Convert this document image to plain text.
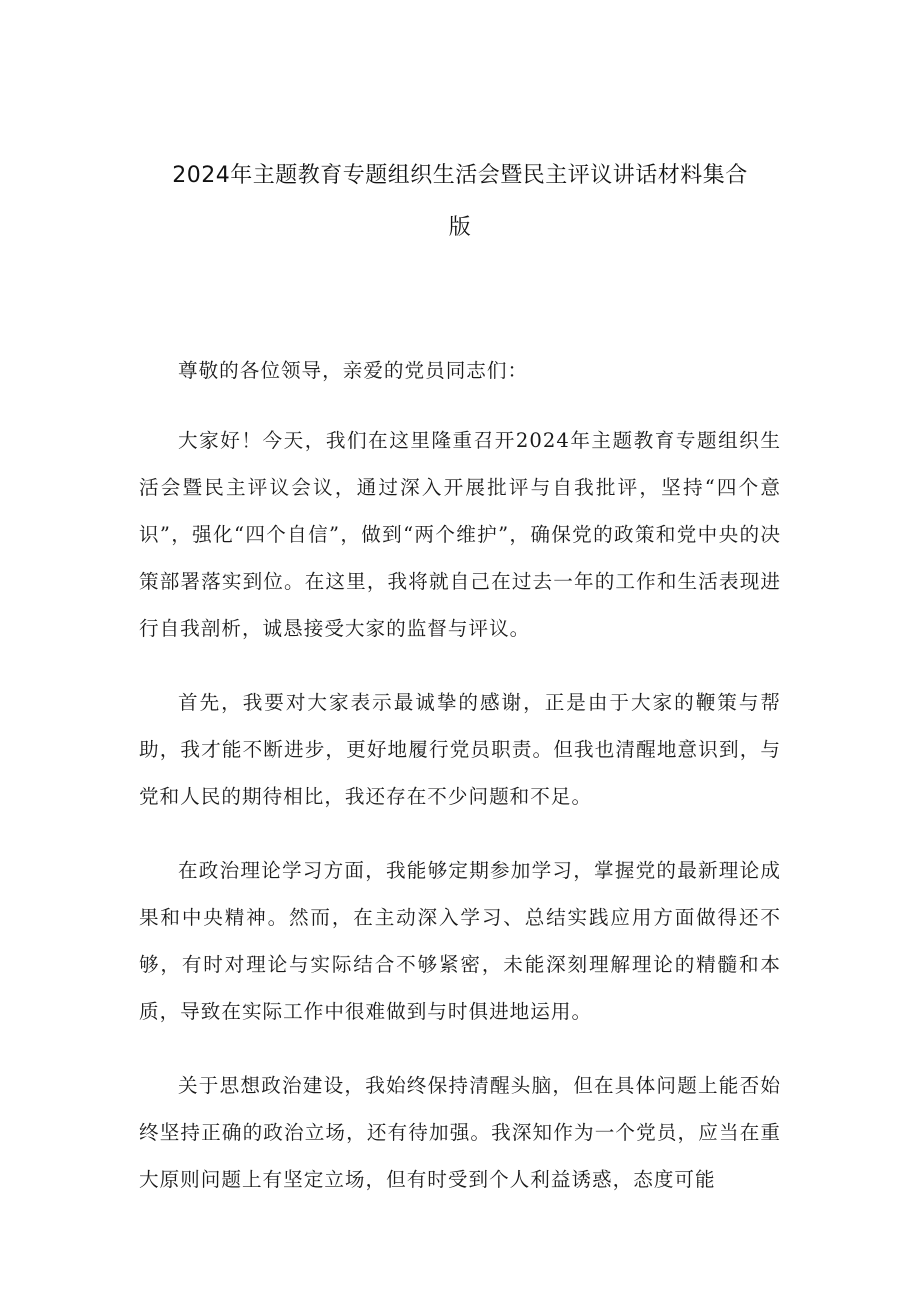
2024年主题教育专题组织生活会暨民主评议讲话材料集合
版

尊敬的各位领导，亲爱的党员同志们：

大家好！今天，我们在这里隆重召开2024年主题教育专题组织生活会暨民主评议会议，通过深入开展批评与自我批评，坚持“四个意识”，强化“四个自信”，做到“两个维护”，确保党的政策和党中央的决策部署落实到位。在这里，我将就自己在过去一年的工作和生活表现进行自我剖析，诚恳接受大家的监督与评议。

首先，我要对大家表示最诚挚的感谢，正是由于大家的鞭策与帮助，我才能不断进步，更好地履行党员职责。但我也清醒地意识到，与党和人民的期待相比，我还存在不少问题和不足。

在政治理论学习方面，我能够定期参加学习，掌握党的最新理论成果和中央精神。然而，在主动深入学习、总结实践应用方面做得还不够，有时对理论与实际结合不够紧密，未能深刻理解理论的精髓和本质，导致在实际工作中很难做到与时俱进地运用。

关于思想政治建设，我始终保持清醒头脑，但在具体问题上能否始终坚持正确的政治立场，还有待加强。我深知作为一个党员，应当在重大原则问题上有坚定立场，但有时受到个人利益诱惑，态度可能
